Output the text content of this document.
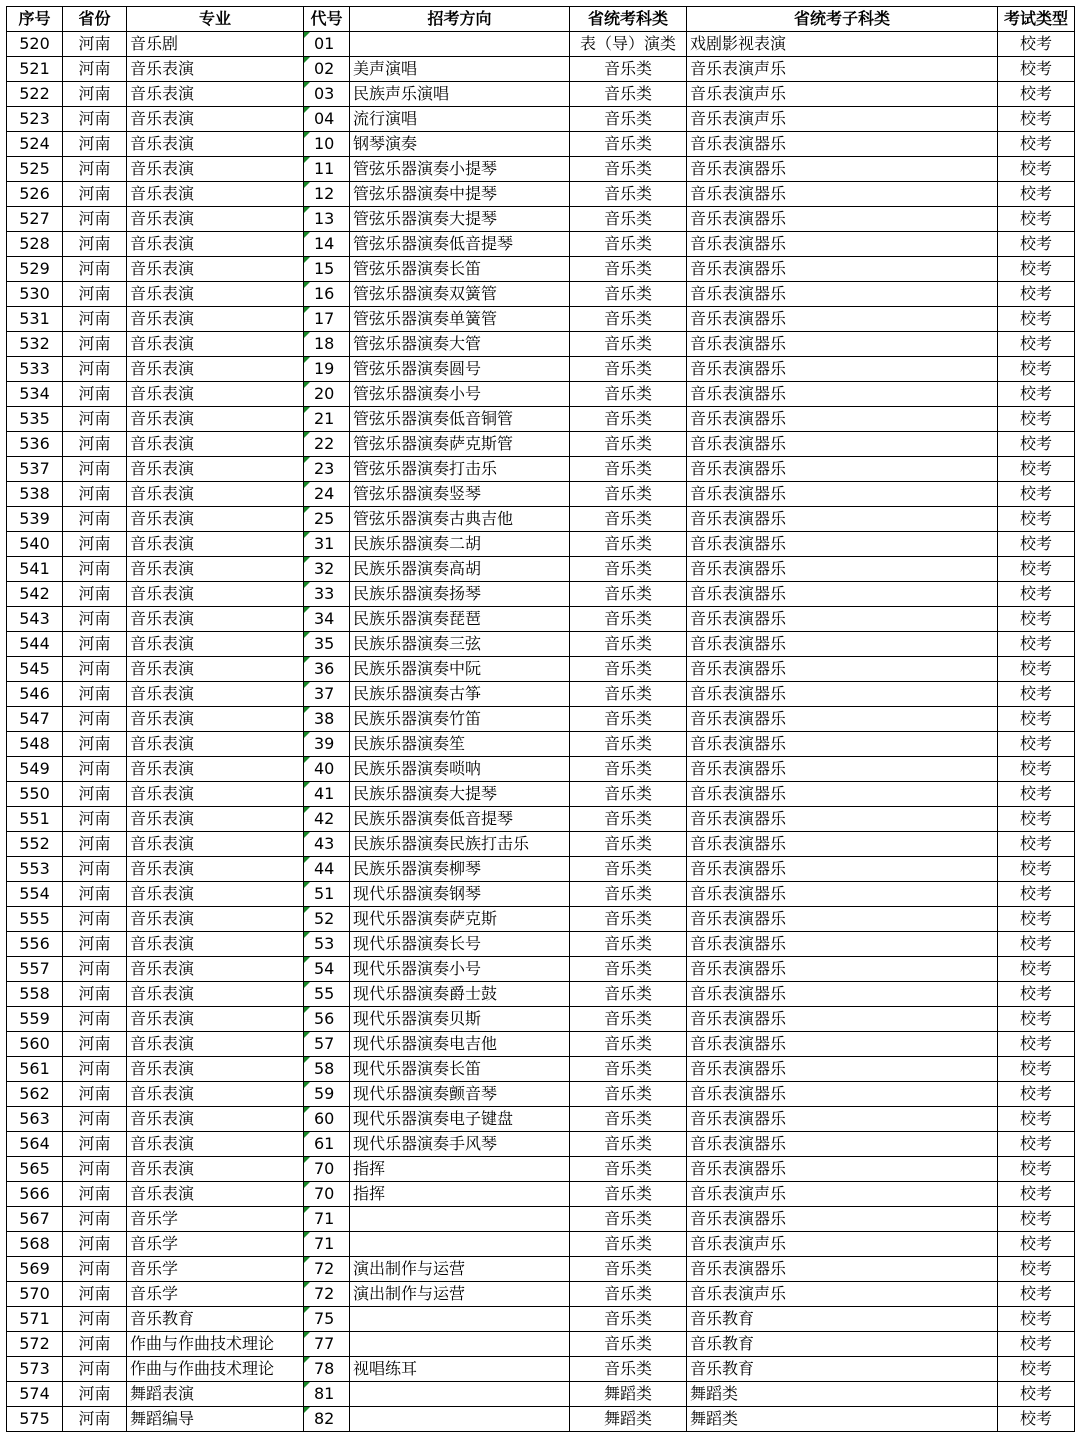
序号	省份	专业	代号	招考方向	省统考科类	省统考子科类	考试类型
520	河南	音乐剧	01		表（导）演类	戏剧影视表演	校考
521	河南	音乐表演	02	美声演唱	音乐类	音乐表演声乐	校考
522	河南	音乐表演	03	民族声乐演唱	音乐类	音乐表演声乐	校考
523	河南	音乐表演	04	流行演唱	音乐类	音乐表演声乐	校考
524	河南	音乐表演	10	钢琴演奏	音乐类	音乐表演器乐	校考
525	河南	音乐表演	11	管弦乐器演奏小提琴	音乐类	音乐表演器乐	校考
526	河南	音乐表演	12	管弦乐器演奏中提琴	音乐类	音乐表演器乐	校考
527	河南	音乐表演	13	管弦乐器演奏大提琴	音乐类	音乐表演器乐	校考
528	河南	音乐表演	14	管弦乐器演奏低音提琴	音乐类	音乐表演器乐	校考
529	河南	音乐表演	15	管弦乐器演奏长笛	音乐类	音乐表演器乐	校考
530	河南	音乐表演	16	管弦乐器演奏双簧管	音乐类	音乐表演器乐	校考
531	河南	音乐表演	17	管弦乐器演奏单簧管	音乐类	音乐表演器乐	校考
532	河南	音乐表演	18	管弦乐器演奏大管	音乐类	音乐表演器乐	校考
533	河南	音乐表演	19	管弦乐器演奏圆号	音乐类	音乐表演器乐	校考
534	河南	音乐表演	20	管弦乐器演奏小号	音乐类	音乐表演器乐	校考
535	河南	音乐表演	21	管弦乐器演奏低音铜管	音乐类	音乐表演器乐	校考
536	河南	音乐表演	22	管弦乐器演奏萨克斯管	音乐类	音乐表演器乐	校考
537	河南	音乐表演	23	管弦乐器演奏打击乐	音乐类	音乐表演器乐	校考
538	河南	音乐表演	24	管弦乐器演奏竖琴	音乐类	音乐表演器乐	校考
539	河南	音乐表演	25	管弦乐器演奏古典吉他	音乐类	音乐表演器乐	校考
540	河南	音乐表演	31	民族乐器演奏二胡	音乐类	音乐表演器乐	校考
541	河南	音乐表演	32	民族乐器演奏高胡	音乐类	音乐表演器乐	校考
542	河南	音乐表演	33	民族乐器演奏扬琴	音乐类	音乐表演器乐	校考
543	河南	音乐表演	34	民族乐器演奏琵琶	音乐类	音乐表演器乐	校考
544	河南	音乐表演	35	民族乐器演奏三弦	音乐类	音乐表演器乐	校考
545	河南	音乐表演	36	民族乐器演奏中阮	音乐类	音乐表演器乐	校考
546	河南	音乐表演	37	民族乐器演奏古筝	音乐类	音乐表演器乐	校考
547	河南	音乐表演	38	民族乐器演奏竹笛	音乐类	音乐表演器乐	校考
548	河南	音乐表演	39	民族乐器演奏笙	音乐类	音乐表演器乐	校考
549	河南	音乐表演	40	民族乐器演奏唢呐	音乐类	音乐表演器乐	校考
550	河南	音乐表演	41	民族乐器演奏大提琴	音乐类	音乐表演器乐	校考
551	河南	音乐表演	42	民族乐器演奏低音提琴	音乐类	音乐表演器乐	校考
552	河南	音乐表演	43	民族乐器演奏民族打击乐	音乐类	音乐表演器乐	校考
553	河南	音乐表演	44	民族乐器演奏柳琴	音乐类	音乐表演器乐	校考
554	河南	音乐表演	51	现代乐器演奏钢琴	音乐类	音乐表演器乐	校考
555	河南	音乐表演	52	现代乐器演奏萨克斯	音乐类	音乐表演器乐	校考
556	河南	音乐表演	53	现代乐器演奏长号	音乐类	音乐表演器乐	校考
557	河南	音乐表演	54	现代乐器演奏小号	音乐类	音乐表演器乐	校考
558	河南	音乐表演	55	现代乐器演奏爵士鼓	音乐类	音乐表演器乐	校考
559	河南	音乐表演	56	现代乐器演奏贝斯	音乐类	音乐表演器乐	校考
560	河南	音乐表演	57	现代乐器演奏电吉他	音乐类	音乐表演器乐	校考
561	河南	音乐表演	58	现代乐器演奏长笛	音乐类	音乐表演器乐	校考
562	河南	音乐表演	59	现代乐器演奏颤音琴	音乐类	音乐表演器乐	校考
563	河南	音乐表演	60	现代乐器演奏电子键盘	音乐类	音乐表演器乐	校考
564	河南	音乐表演	61	现代乐器演奏手风琴	音乐类	音乐表演器乐	校考
565	河南	音乐表演	70	指挥	音乐类	音乐表演器乐	校考
566	河南	音乐表演	70	指挥	音乐类	音乐表演声乐	校考
567	河南	音乐学	71		音乐类	音乐表演器乐	校考
568	河南	音乐学	71		音乐类	音乐表演声乐	校考
569	河南	音乐学	72	演出制作与运营	音乐类	音乐表演器乐	校考
570	河南	音乐学	72	演出制作与运营	音乐类	音乐表演声乐	校考
571	河南	音乐教育	75		音乐类	音乐教育	校考
572	河南	作曲与作曲技术理论	77		音乐类	音乐教育	校考
573	河南	作曲与作曲技术理论	78	视唱练耳	音乐类	音乐教育	校考
574	河南	舞蹈表演	81		舞蹈类	舞蹈类	校考
575	河南	舞蹈编导	82		舞蹈类	舞蹈类	校考
